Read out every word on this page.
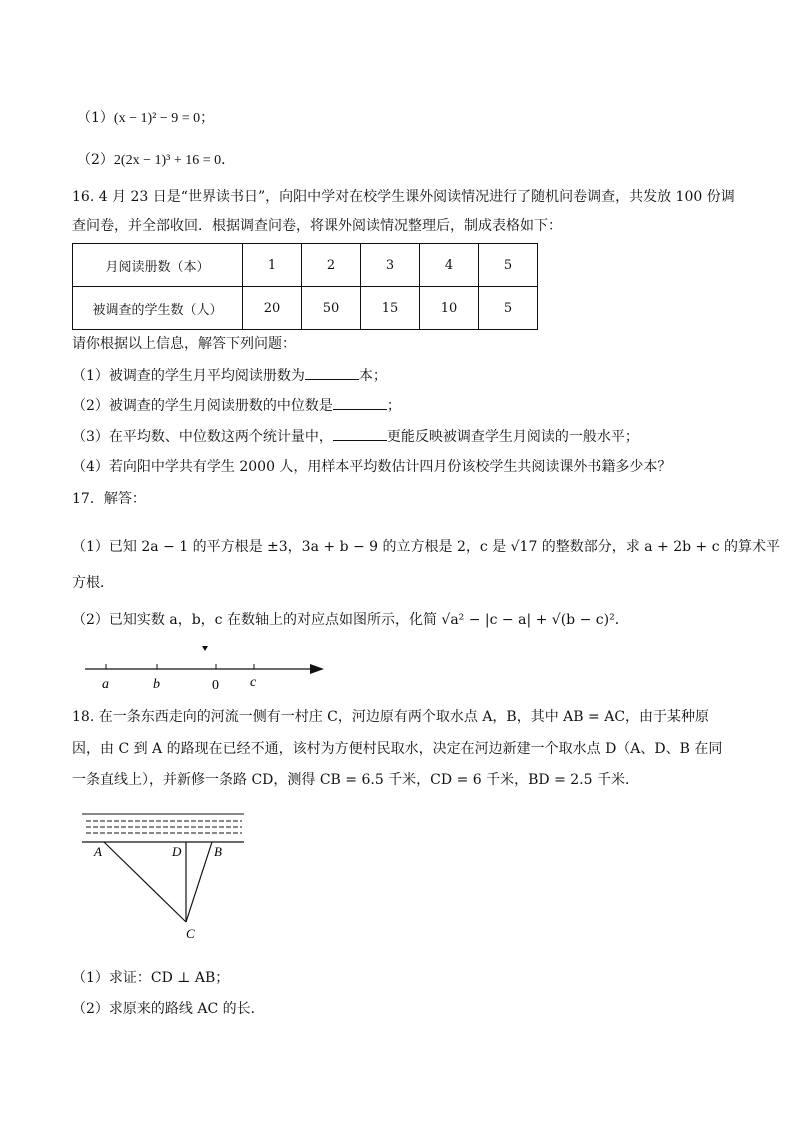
（1）(x − 1)² − 9 = 0；
（2）2(2x − 1)³ + 16 = 0．
16. 4 月 23 日是“世界读书日”，向阳中学对在校学生课外阅读情况进行了随机问卷调查，共发放 100 份调
查问卷，并全部收回．根据调查问卷，将课外阅读情况整理后，制成表格如下：
月阅读册数（本）	1	2	3	4	5
被调查的学生数（人）	20	50	15	10	5
请你根据以上信息，解答下列问题：
（1）被调查的学生月平均阅读册数为	本；
（2）被调查的学生月阅读册数的中位数是	；
（3）在平均数、中位数这两个统计量中，	更能反映被调查学生月阅读的一般水平；
（4）若向阳中学共有学生 2000 人，用样本平均数估计四月份该校学生共阅读课外书籍多少本？
17．解答：
（1）已知 2a − 1 的平方根是 ±3，3a + b − 9 的立方根是 2，c 是 √17 的整数部分，求 a + 2b + c 的算术平
方根．
（2）已知实数 a，b，c 在数轴上的对应点如图所示，化简 √a² − |c − a| + √(b − c)²．
a	b	0 c
18. 在一条东西走向的河流一侧有一村庄 C，河边原有两个取水点 A，B，其中 AB = AC，由于某种原
因，由 C 到 A 的路现在已经不通，该村为方便村民取水，决定在河边新建一个取水点 D（A、D、B 在同
一条直线上），并新修一条路 CD，测得 CB = 6.5 千米，CD = 6 千米，BD = 2.5 千米．
A	D	B
C
（1）求证：CD ⊥ AB；
（2）求原来的路线 AC 的长．
